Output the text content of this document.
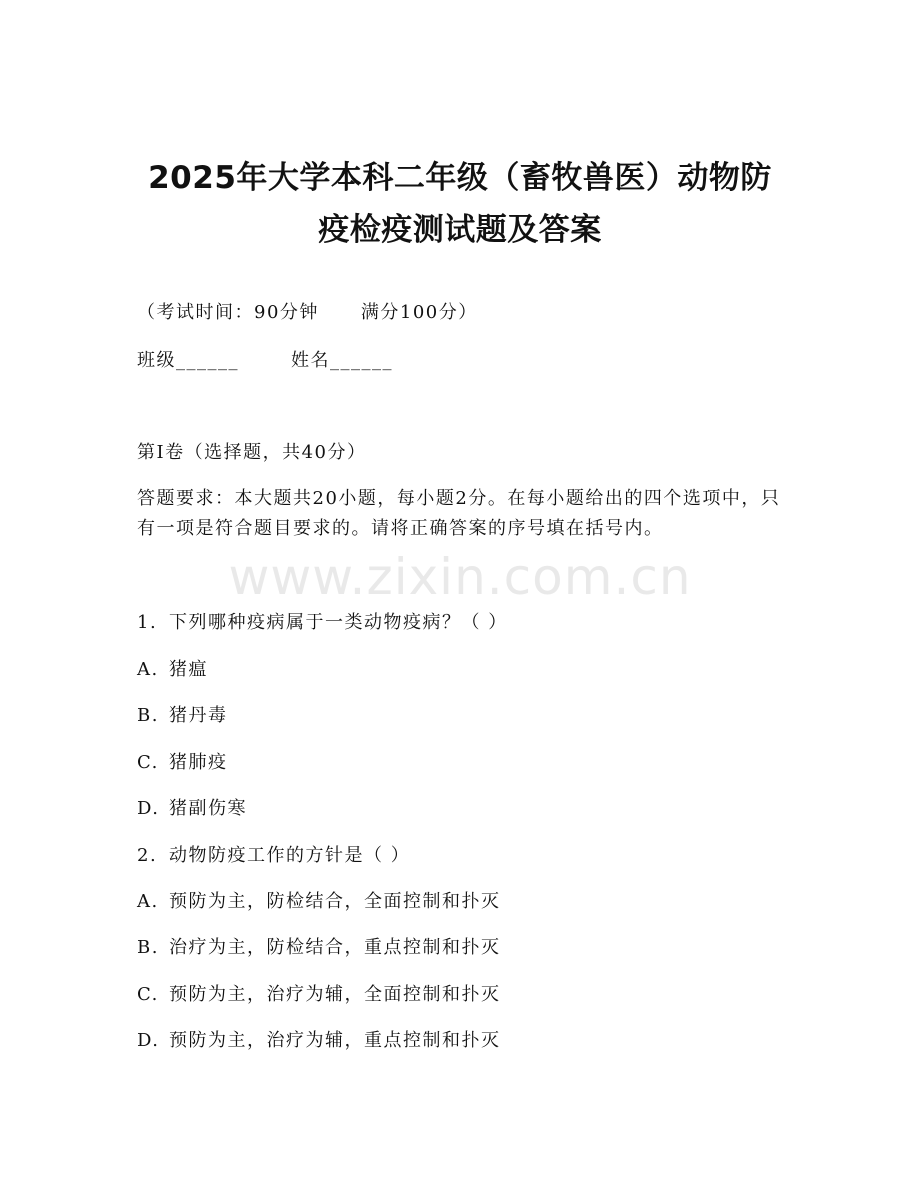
2025年大学本科二年级（畜牧兽医）动物防
疫检疫测试题及答案
（考试时间：90分钟 满分100分）
班级______	姓名______
第I卷（选择题，共40分）
答题要求：本大题共20小题，每小题2分。在每小题给出的四个选项中，只有一项是符合题目要求的。请将正确答案的序号填在括号内。
www.zixin.com.cn
1. 下列哪种疫病属于一类动物疫病？（ ）
A. 猪瘟
B. 猪丹毒
C. 猪肺疫
D. 猪副伤寒
2. 动物防疫工作的方针是（ ）
A. 预防为主，防检结合，全面控制和扑灭
B. 治疗为主，防检结合，重点控制和扑灭
C. 预防为主，治疗为辅，全面控制和扑灭
D. 预防为主，治疗为辅，重点控制和扑灭
